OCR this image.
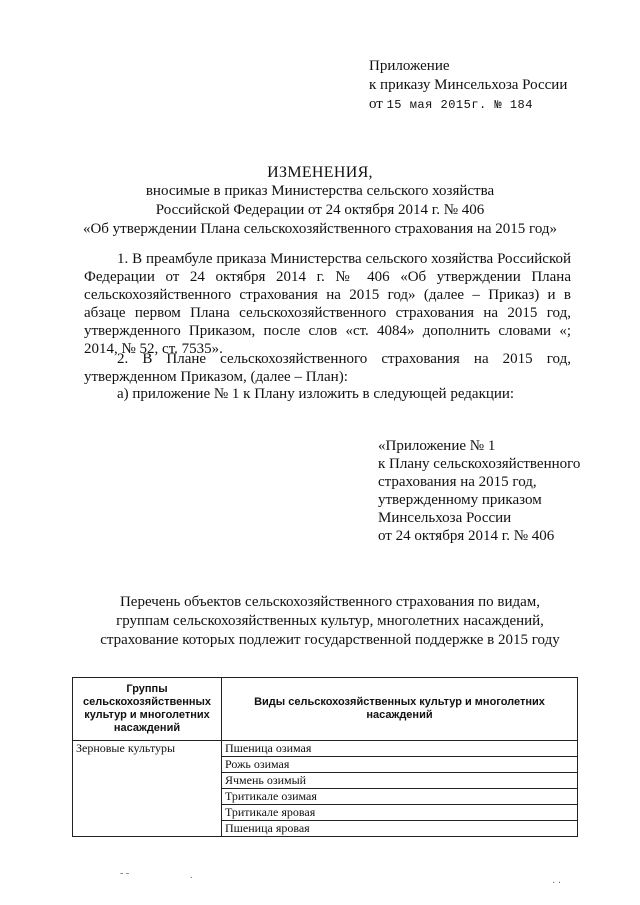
Приложение
к приказу Минсельхоза России
от 15 мая 2015г. № 184
ИЗМЕНЕНИЯ,
вносимые в приказ Министерства сельского хозяйства
Российской Федерации от 24 октября 2014 г. № 406
«Об утверждении Плана сельскохозяйственного страхования на 2015 год»

1. В преамбуле приказа Министерства сельского хозяйства Российской Федерации от 24 октября 2014 г. № 406 «Об утверждении Плана сельскохозяйственного страхования на 2015 год» (далее – Приказ) и в абзаце первом Плана сельскохозяйственного страхования на 2015 год, утвержденного Приказом, после слов «ст. 4084» дополнить словами «; 2014, № 52, ст. 7535».

2. В Плане сельскохозяйственного страхования на 2015 год, утвержденном Приказом, (далее – План):

а) приложение № 1 к Плану изложить в следующей редакции:

«Приложение № 1
к Плану сельскохозяйственного
страхования на 2015 год,
утвержденному приказом
Минсельхоза России
от 24 октября 2014 г. № 406
Перечень объектов сельскохозяйственного страхования по видам,
группам сельскохозяйственных культур, многолетних насаждений,
страхование которых подлежит государственной поддержке в 2015 году
Группы сельскохозяйственных культур и многолетних насаждений	Виды сельскохозяйственных культур и многолетних насаждений
Зерновые культуры	Пшеница озимая
	Рожь озимая
	Ячмень озимый
	Тритикале озимая
	Тритикале яровая
	Пшеница яровая
- -	.
· ·
